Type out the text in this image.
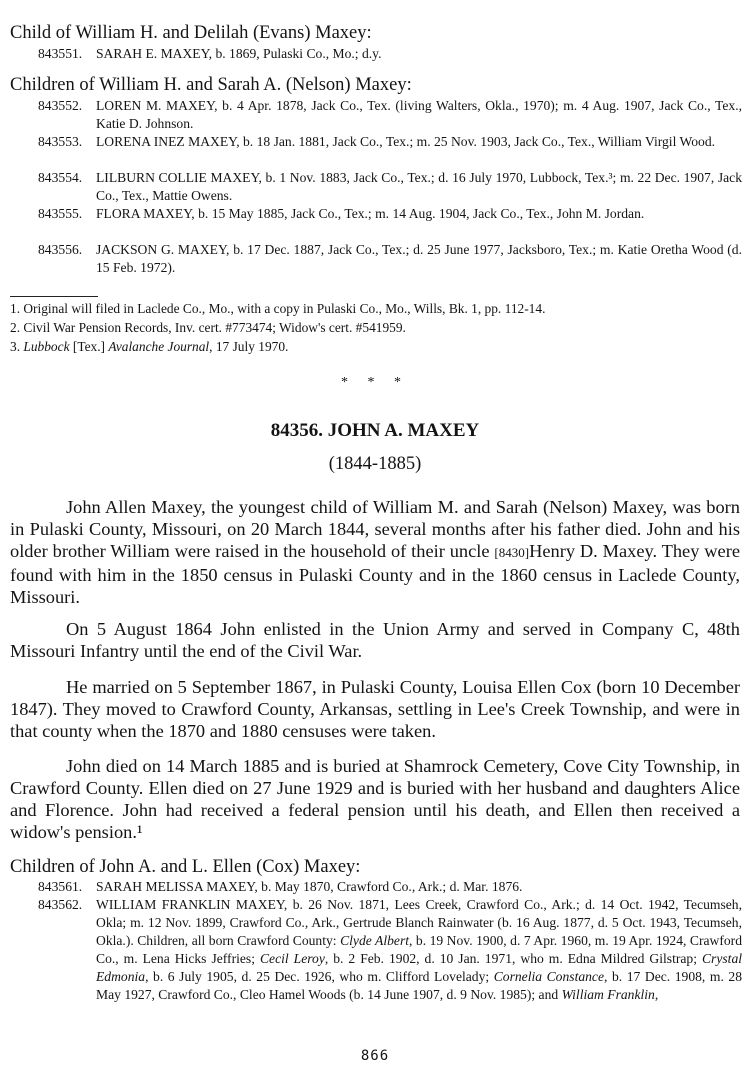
Child of William H. and Delilah (Evans) Maxey:
843551. SARAH E. MAXEY, b. 1869, Pulaski Co., Mo.; d.y.
Children of William H. and Sarah A. (Nelson) Maxey:
843552. LOREN M. MAXEY, b. 4 Apr. 1878, Jack Co., Tex. (living Walters, Okla., 1970); m. 4 Aug. 1907, Jack Co., Tex., Katie D. Johnson.
843553. LORENA INEZ MAXEY, b. 18 Jan. 1881, Jack Co., Tex.; m. 25 Nov. 1903, Jack Co., Tex., William Virgil Wood.
843554. LILBURN COLLIE MAXEY, b. 1 Nov. 1883, Jack Co., Tex.; d. 16 July 1970, Lubbock, Tex.³; m. 22 Dec. 1907, Jack Co., Tex., Mattie Owens.
843555. FLORA MAXEY, b. 15 May 1885, Jack Co., Tex.; m. 14 Aug. 1904, Jack Co., Tex., John M. Jordan.
843556. JACKSON G. MAXEY, b. 17 Dec. 1887, Jack Co., Tex.; d. 25 June 1977, Jacksboro, Tex.; m. Katie Oretha Wood (d. 15 Feb. 1972).
1. Original will filed in Laclede Co., Mo., with a copy in Pulaski Co., Mo., Wills, Bk. 1, pp. 112-14.
2. Civil War Pension Records, Inv. cert. #773474; Widow's cert. #541959.
3. Lubbock [Tex.] Avalanche Journal, 17 July 1970.
* * *
84356. JOHN A. MAXEY
(1844-1885)
John Allen Maxey, the youngest child of William M. and Sarah (Nelson) Maxey, was born in Pulaski County, Missouri, on 20 March 1844, several months after his father died. John and his older brother William were raised in the household of their uncle [8430]Henry D. Maxey. They were found with him in the 1850 census in Pulaski County and in the 1860 census in Laclede County, Missouri.
On 5 August 1864 John enlisted in the Union Army and served in Company C, 48th Missouri Infantry until the end of the Civil War.
He married on 5 September 1867, in Pulaski County, Louisa Ellen Cox (born 10 December 1847). They moved to Crawford County, Arkansas, settling in Lee's Creek Township, and were in that county when the 1870 and 1880 censuses were taken.
John died on 14 March 1885 and is buried at Shamrock Cemetery, Cove City Township, in Crawford County. Ellen died on 27 June 1929 and is buried with her husband and daughters Alice and Florence. John had received a federal pension until his death, and Ellen then received a widow's pension.¹
Children of John A. and L. Ellen (Cox) Maxey:
843561. SARAH MELISSA MAXEY, b. May 1870, Crawford Co., Ark.; d. Mar. 1876.
843562. WILLIAM FRANKLIN MAXEY, b. 26 Nov. 1871, Lees Creek, Crawford Co., Ark.; d. 14 Oct. 1942, Tecumseh, Okla; m. 12 Nov. 1899, Crawford Co., Ark., Gertrude Blanch Rainwater (b. 16 Aug. 1877, d. 5 Oct. 1943, Tecumseh, Okla.). Children, all born Crawford County: Clyde Albert, b. 19 Nov. 1900, d. 7 Apr. 1960, m. 19 Apr. 1924, Crawford Co., m. Lena Hicks Jeffries; Cecil Leroy, b. 2 Feb. 1902, d. 10 Jan. 1971, who m. Edna Mildred Gilstrap; Crystal Edmonia, b. 6 July 1905, d. 25 Dec. 1926, who m. Clifford Lovelady; Cornelia Constance, b. 17 Dec. 1908, m. 28 May 1927, Crawford Co., Cleo Hamel Woods (b. 14 June 1907, d. 9 Nov. 1985); and William Franklin,
866
